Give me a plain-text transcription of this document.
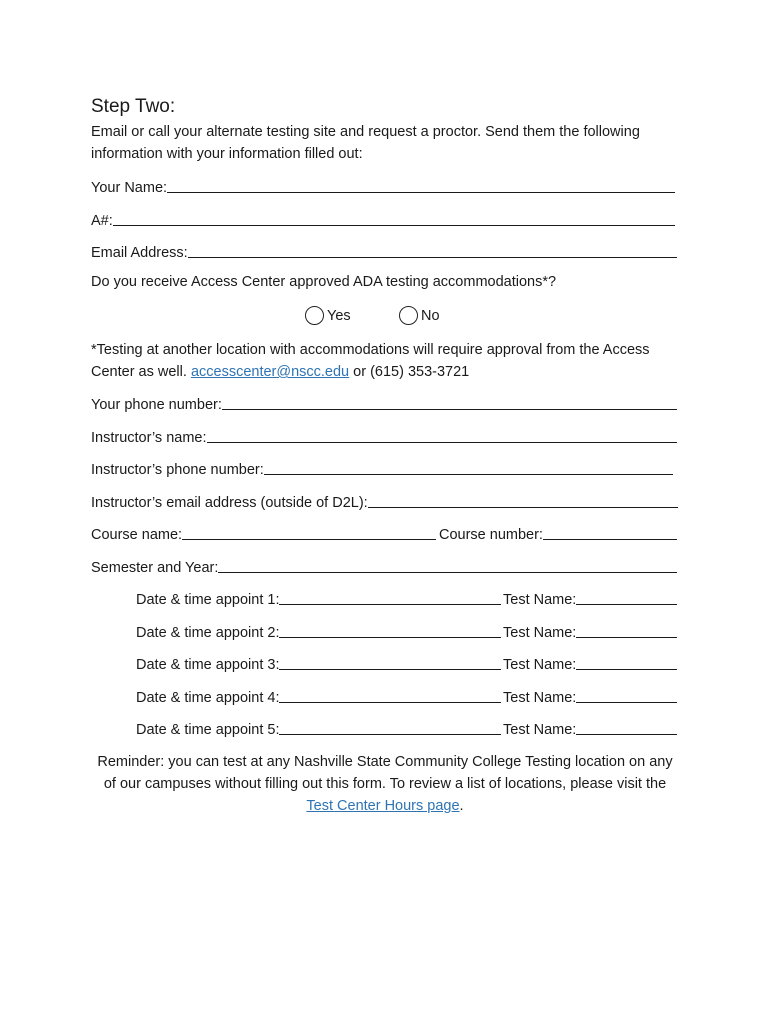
Step Two:
Email or call your alternate testing site and request a proctor. Send them the following information with your information filled out:
Your Name:
A#:
Email Address:
Do you receive Access Center approved ADA testing accommodations*?
Yes	No
*Testing at another location with accommodations will require approval from the Access Center as well. accesscenter@nscc.edu or (615) 353-3721
Your phone number:
Instructor’s name:
Instructor’s phone number:
Instructor’s email address (outside of D2L):
Course name:	Course number:
Semester and Year:
Date & time appoint 1:	Test Name:
Date & time appoint 2:	Test Name:
Date & time appoint 3:	Test Name:
Date & time appoint 4:	Test Name:
Date & time appoint 5:	Test Name:
Reminder: you can test at any Nashville State Community College Testing location on any of our campuses without filling out this form. To review a list of locations, please visit the Test Center Hours page.
